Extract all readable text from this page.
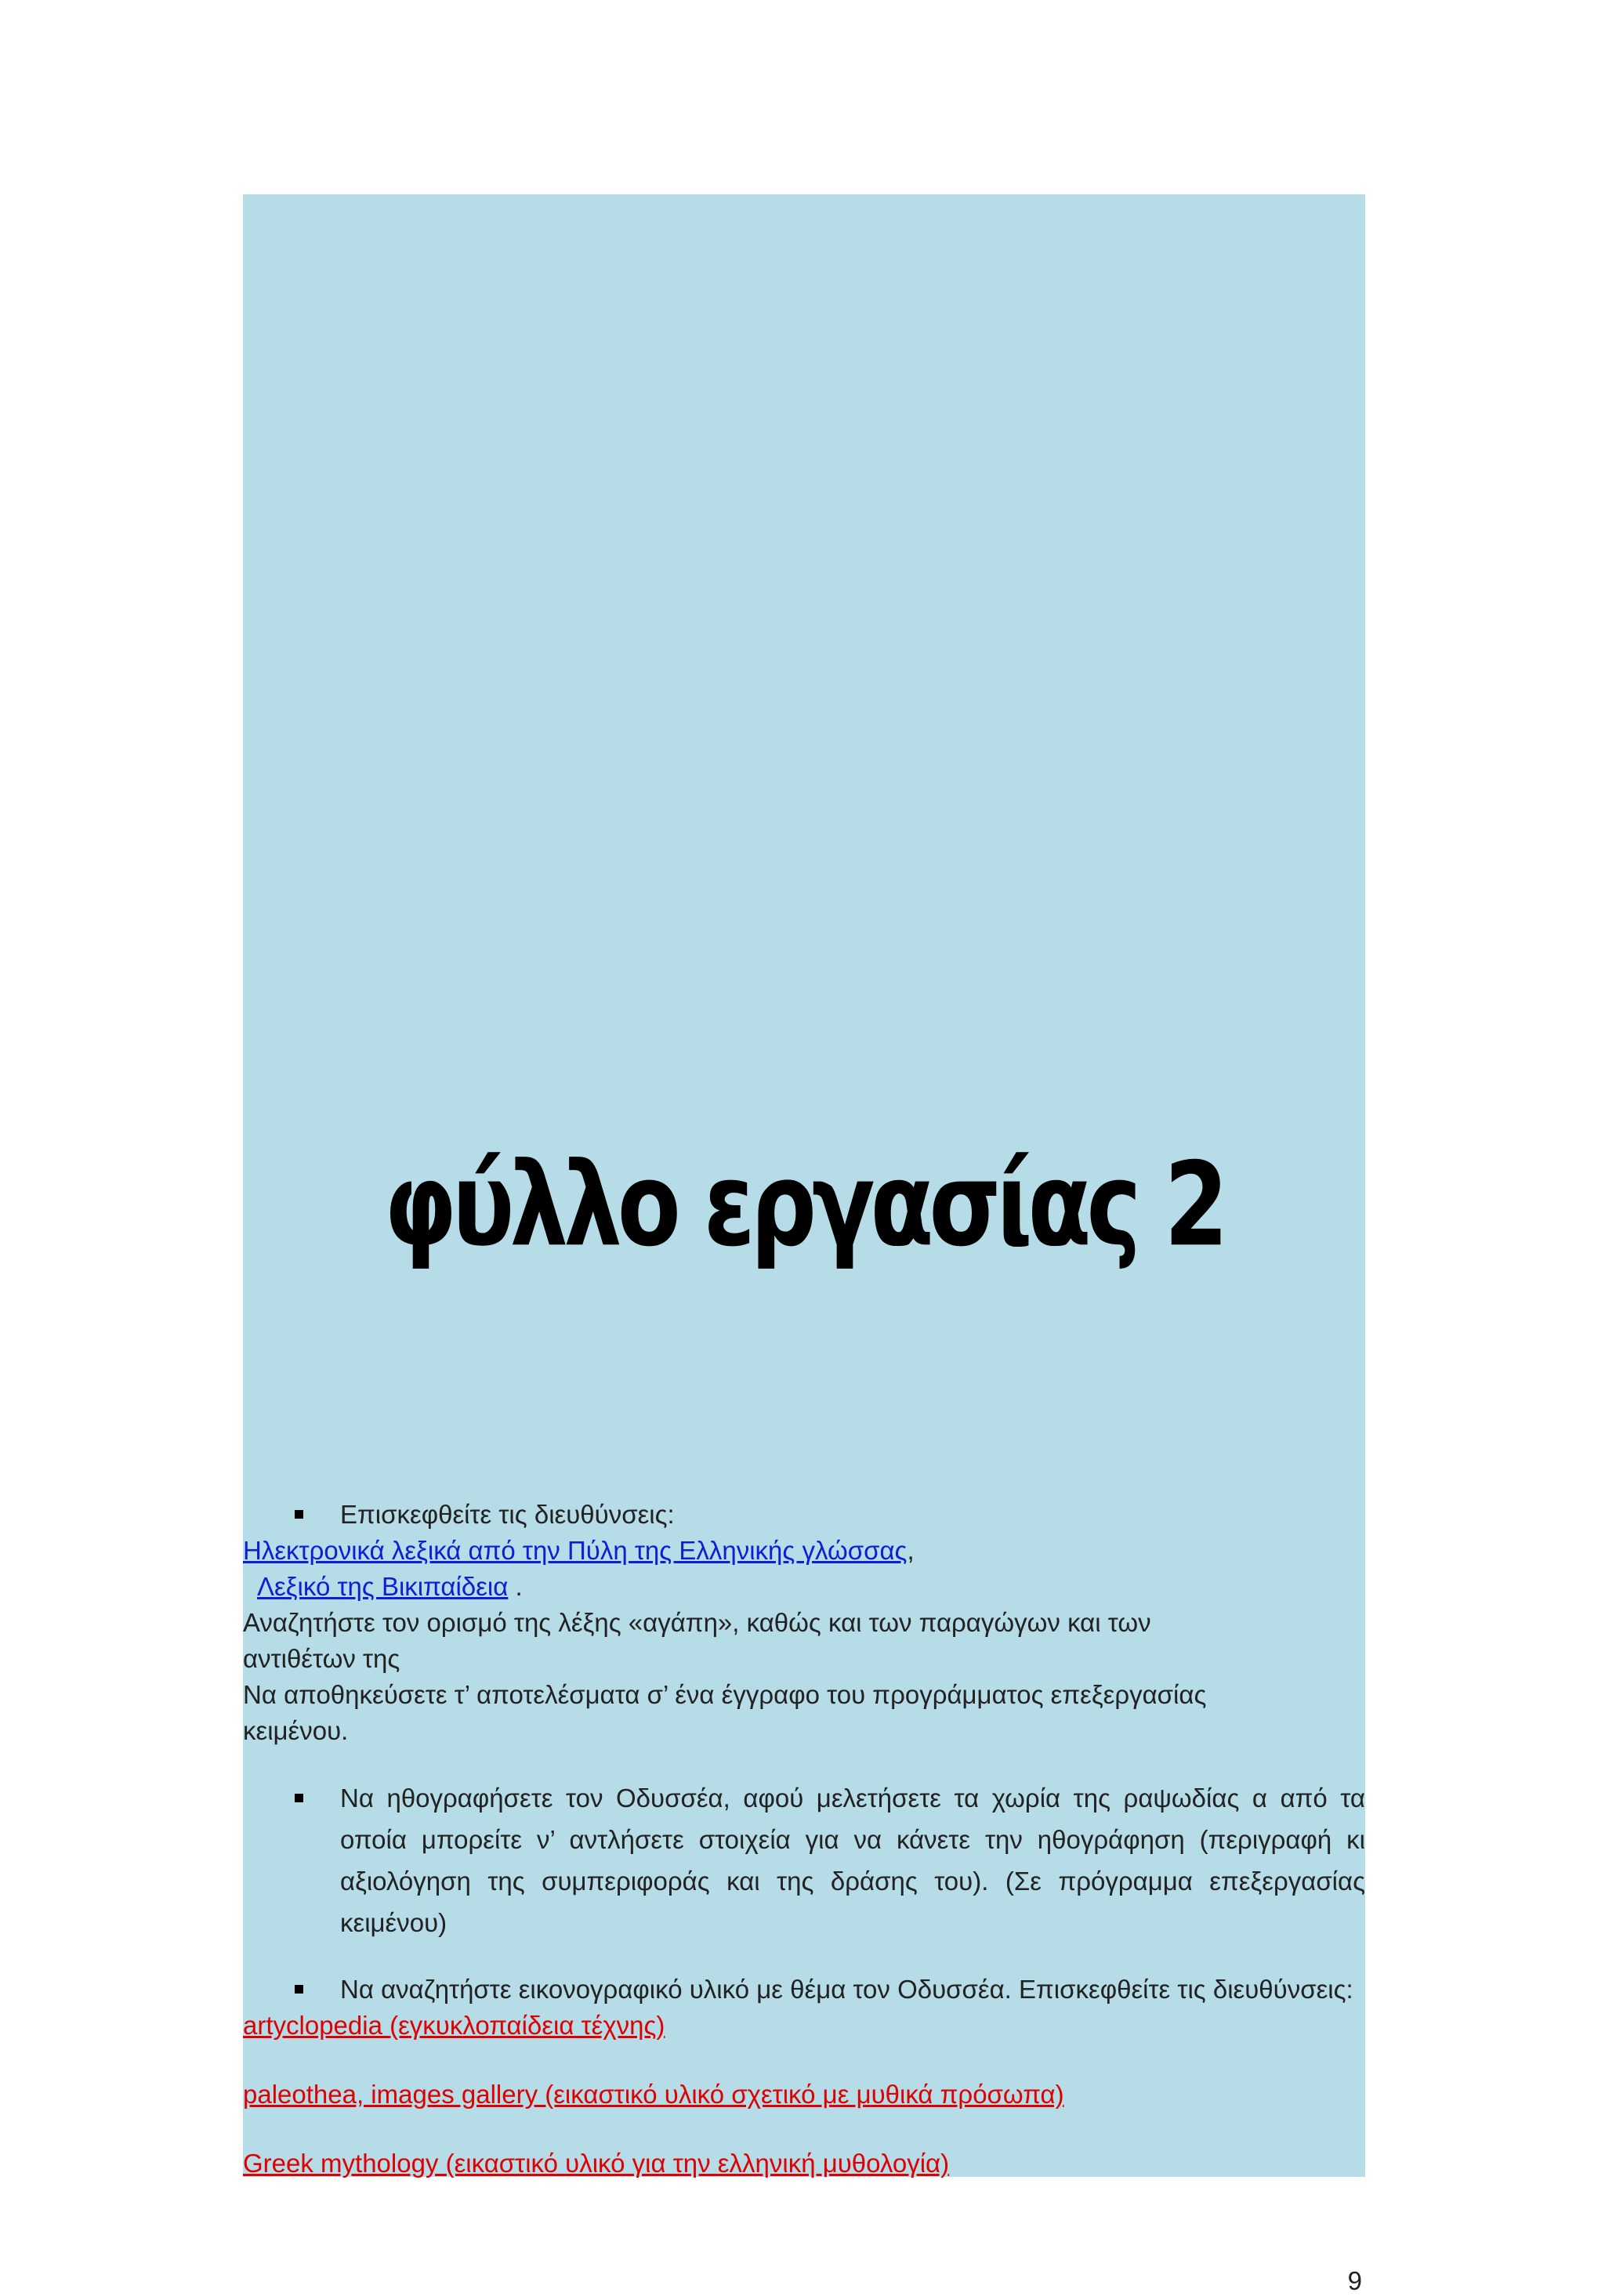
φύλλο εργασίας 2
Επισκεφθείτε τις διευθύνσεις:
Ηλεκτρονικά λεξικά από την Πύλη της Ελληνικής γλώσσας,
Λεξικό της Βικιπαίδεια .
Αναζητήστε τον ορισμό της λέξης «αγάπη», καθώς και των παραγώγων και των
αντιθέτων της
Να αποθηκεύσετε τ’ αποτελέσματα σ’ ένα έγγραφο του προγράμματος επεξεργασίας
κειμένου.
Να ηθογραφήσετε τον Οδυσσέα, αφού μελετήσετε τα χωρία της ραψωδίας α από τα οποία μπορείτε ν’ αντλήσετε στοιχεία για να κάνετε την ηθογράφηση (περιγραφή κι αξιολόγηση της συμπεριφοράς και της δράσης του). (Σε πρόγραμμα επεξεργασίας κειμένου)
Να αναζητήστε εικονογραφικό υλικό με θέμα τον Οδυσσέα. Επισκεφθείτε τις διευθύνσεις:
artyclopedia (εγκυκλοπαίδεια τέχνης)
paleothea, images gallery (εικαστικό υλικό σχετικό με μυθικά πρόσωπα)
Greek mythology (εικαστικό υλικό για την ελληνική μυθολογία)
9
